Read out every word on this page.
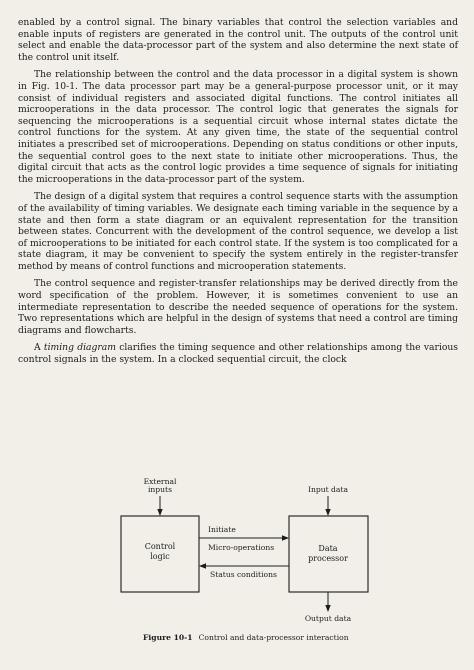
enabled by a control signal. The binary variables that control the selection variables and enable inputs of registers are generated in the control unit. The outputs of the control unit select and enable the data-processor part of the system and also determine the next state of the control unit itself.

The relationship between the control and the data processor in a digital system is shown in Fig. 10-1. The data processor part may be a general-purpose processor unit, or it may consist of individual registers and associated digital functions. The control initiates all microoperations in the data processor. The control logic that generates the signals for sequencing the microoperations is a sequential circuit whose internal states dictate the control functions for the system. At any given time, the state of the sequential control initiates a prescribed set of microoperations. Depending on status conditions or other inputs, the sequential control goes to the next state to initiate other microoperations. Thus, the digital circuit that acts as the control logic provides a time sequence of signals for initiating the microoperations in the data-processor part of the system.

The design of a digital system that requires a control sequence starts with the assumption of the availability of timing variables. We designate each timing variable in the sequence by a state and then form a state diagram or an equivalent representation for the transition between states. Concurrent with the development of the control sequence, we develop a list of microoperations to be initiated for each control state. If the system is too complicated for a state diagram, it may be convenient to specify the system entirely in the register-transfer method by means of control functions and microoperation statements.

The control sequence and register-transfer relationships may be derived directly from the word specification of the problem. However, it is sometimes convenient to use an intermediate representation to describe the needed sequence of operations for the system. Two representations which are helpful in the design of systems that need a control are timing diagrams and flowcharts.

A timing diagram clarifies the timing sequence and other relationships among the various control signals in the system. In a clocked sequential circuit, the clock

Control
logic
Data
processor
External
inputs	Input data
Initiate
Micro-operations
Status conditions
Output data
Figure 10-1 Control and data-processor interaction
